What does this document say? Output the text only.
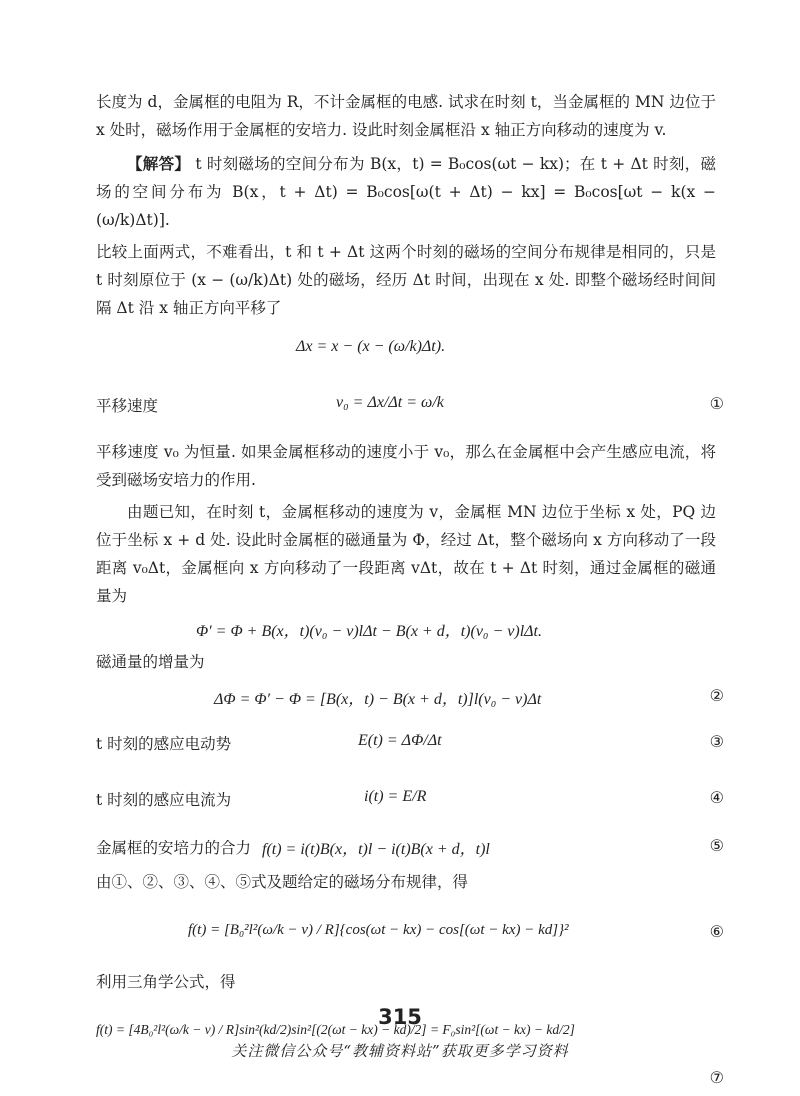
长度为 d，金属框的电阻为 R，不计金属框的电感. 试求在时刻 t，当金属框的 MN 边位于 x 处时，磁场作用于金属框的安培力. 设此时刻金属框沿 x 轴正方向移动的速度为 v.

【解答】 t 时刻磁场的空间分布为 B(x，t) = B₀cos(ωt − kx)；在 t + Δt 时刻，磁场的空间分布为 B(x，t + Δt) = B₀cos[ω(t + Δt) − kx] = B₀cos[ωt − k(x − (ω/k)Δt)].

比较上面两式，不难看出，t 和 t + Δt 这两个时刻的磁场的空间分布规律是相同的，只是 t 时刻原位于 (x − (ω/k)Δt) 处的磁场，经历 Δt 时间，出现在 x 处. 即整个磁场经时间间隔 Δt 沿 x 轴正方向平移了

Δx = x − (x − (ω/k)Δt).
平移速度	v₀ = Δx/Δt = ω/k	①

平移速度 v₀ 为恒量. 如果金属框移动的速度小于 v₀，那么在金属框中会产生感应电流，将受到磁场安培力的作用.

由题已知，在时刻 t，金属框移动的速度为 v，金属框 MN 边位于坐标 x 处，PQ 边位于坐标 x + d 处. 设此时金属框的磁通量为 Φ，经过 Δt，整个磁场向 x 方向移动了一段距离 v₀Δt，金属框向 x 方向移动了一段距离 vΔt，故在 t + Δt 时刻，通过金属框的磁通量为

Φ′ = Φ + B(x，t)(v₀ − v)lΔt − B(x + d，t)(v₀ − v)lΔt.
磁通量的增量为
ΔΦ = Φ′ − Φ = [B(x，t) − B(x + d，t)]l(v₀ − v)Δt	②
t 时刻的感应电动势	E(t) = ΔΦ/Δt	③
t 时刻的感应电流为	i(t) = E/R	④
金属框的安培力的合力 f(t) = i(t)B(x，t)l − i(t)B(x + d，t)l	⑤

由①、②、③、④、⑤式及题给定的磁场分布规律，得

f(t) = [B₀²l²(ω/k − v) / R]{cos(ωt − kx) − cos[(ωt − kx) − kd]}²	⑥

利用三角学公式，得

f(t) = [4B₀²l²(ω/k − v) / R]sin²(kd/2)sin²[(2(ωt − kx) − kd)/2] = F₀sin²[(ωt − kx) − kd/2]
⑦
315
关注微信公众号“教辅资料站”获取更多学习资料
